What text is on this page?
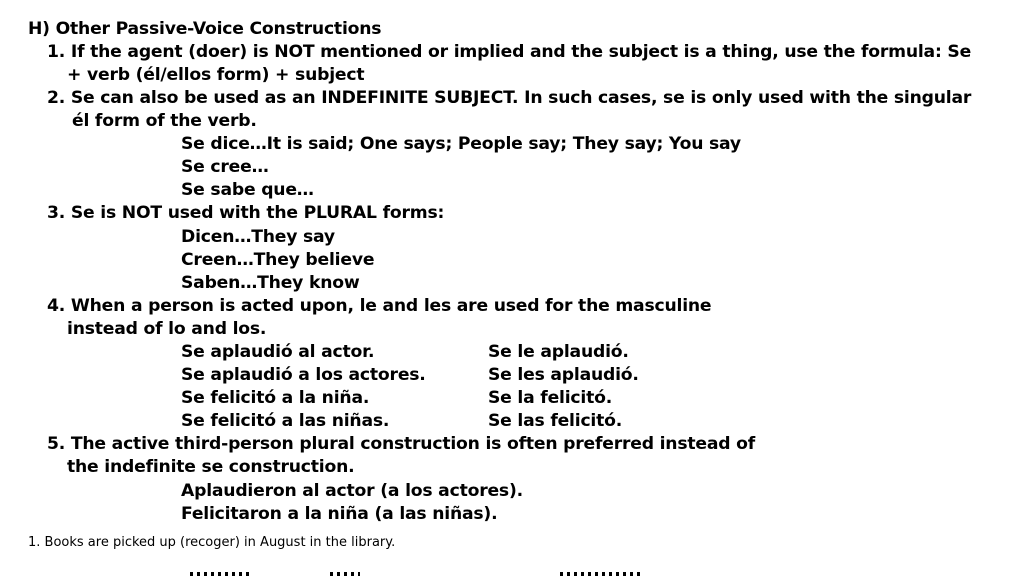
H) Other Passive-Voice Constructions
1. If the agent (doer) is NOT mentioned or implied and the subject is a thing, use the formula: Se
+ verb (él/ellos form) + subject
2. Se can also be used as an INDEFINITE SUBJECT. In such cases, se is only used with the singular
él form of the verb.
Se dice…It is said; One says; People say; They say; You say
Se cree…
Se sabe que…
3. Se is NOT used with the PLURAL forms:
Dicen…They say
Creen…They believe
Saben…They know
4. When a person is acted upon, le and les are used for the masculine
instead of lo and los.
Se aplaudió al actor.	Se le aplaudió.
Se aplaudió a los actores.	Se les aplaudió.
Se felicitó a la niña.	Se la felicitó.
Se felicitó a las niñas.	Se las felicitó.
5. The active third-person plural construction is often preferred instead of
the indefinite se construction.
Aplaudieron al actor (a los actores).
Felicitaron a la niña (a las niñas).
1. Books are picked up (recoger) in August in the library.
